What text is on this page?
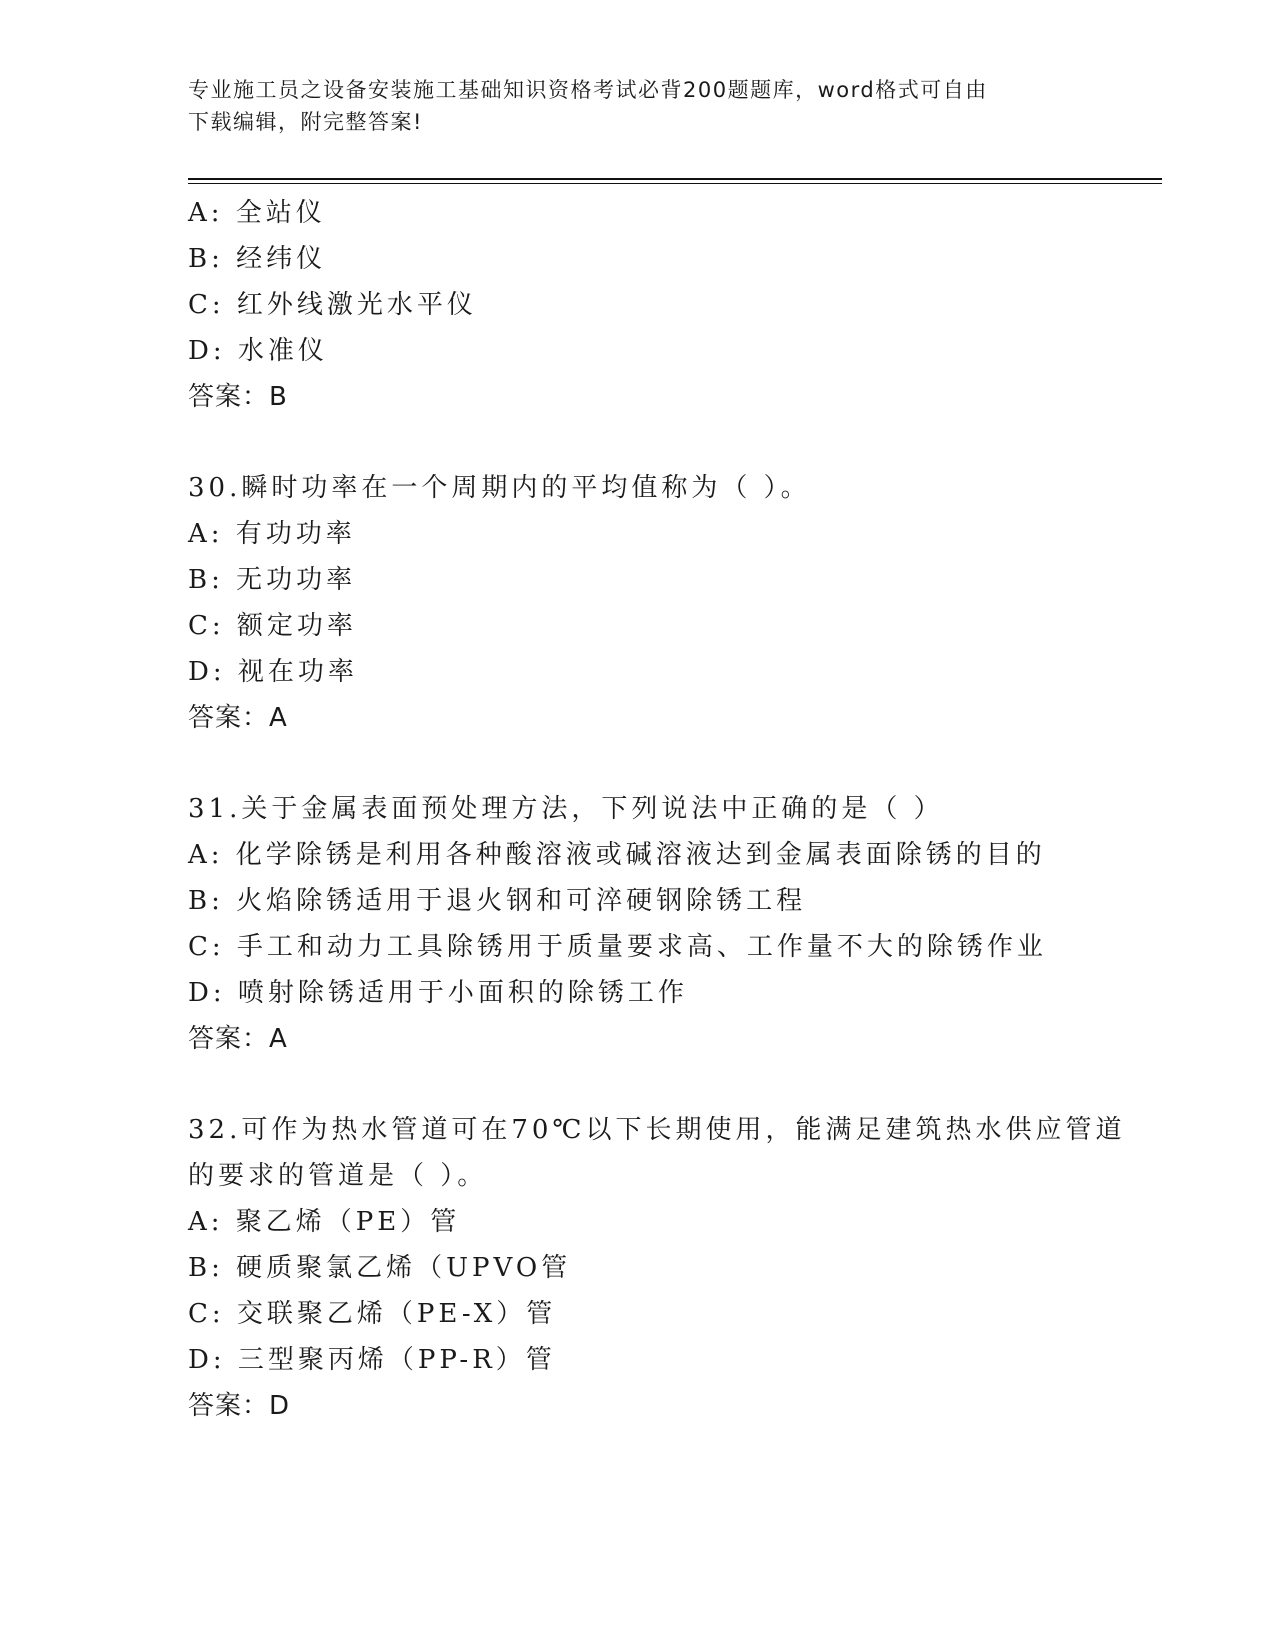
专业施工员之设备安装施工基础知识资格考试必背200题题库，word格式可自由
下载编辑，附完整答案!
A: 全站仪
B: 经纬仪
C: 红外线激光水平仪
D: 水准仪
答案：B
30.瞬时功率在一个周期内的平均值称为（ ）。
A: 有功功率
B: 无功功率
C: 额定功率
D: 视在功率
答案：A
31.关于金属表面预处理方法，下列说法中正确的是（ ）
A: 化学除锈是利用各种酸溶液或碱溶液达到金属表面除锈的目的
B: 火焰除锈适用于退火钢和可淬硬钢除锈工程
C: 手工和动力工具除锈用于质量要求高、工作量不大的除锈作业
D: 喷射除锈适用于小面积的除锈工作
答案：A
32.可作为热水管道可在70℃以下长期使用，能满足建筑热水供应管道
的要求的管道是（ ）。
A: 聚乙烯（PE）管
B: 硬质聚氯乙烯（UPVO管
C: 交联聚乙烯（PE-X）管
D: 三型聚丙烯（PP-R）管
答案：D
